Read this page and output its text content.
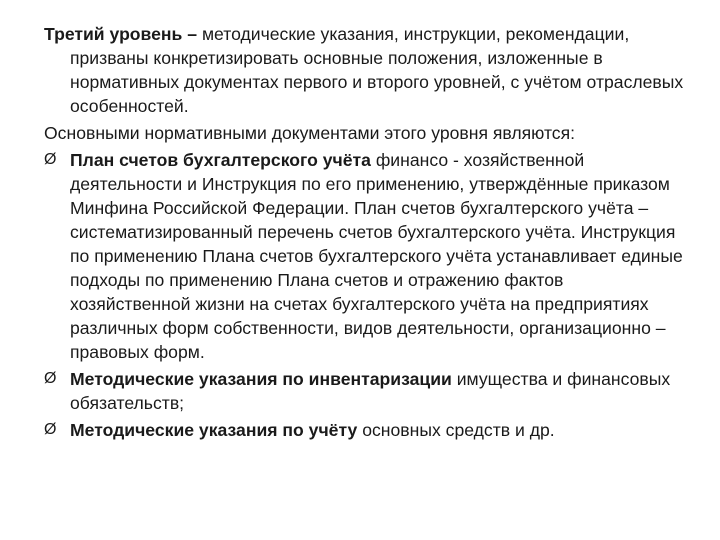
Третий уровень – методические указания, инструкции, рекомендации, призваны конкретизировать основные положения, изложенные в нормативных документах первого и второго уровней, с учётом отраслевых особенностей.

Основными нормативными документами этого уровня являются:

Ø План счетов бухгалтерского учёта финансо - хозяйственной деятельности и Инструкция по его применению, утверждённые приказом Минфина Российской Федерации. План счетов бухгалтерского учёта – систематизированный перечень счетов бухгалтерского учёта. Инструкция по применению Плана счетов бухгалтерского учёта устанавливает единые подходы по применению Плана счетов и отражению фактов хозяйственной жизни на счетах бухгалтерского учёта на предприятиях различных форм собственности, видов деятельности, организационно – правовых форм.
Ø Методические указания по инвентаризации имущества и финансовых обязательств;
Ø Методические указания по учёту основных средств и др.
